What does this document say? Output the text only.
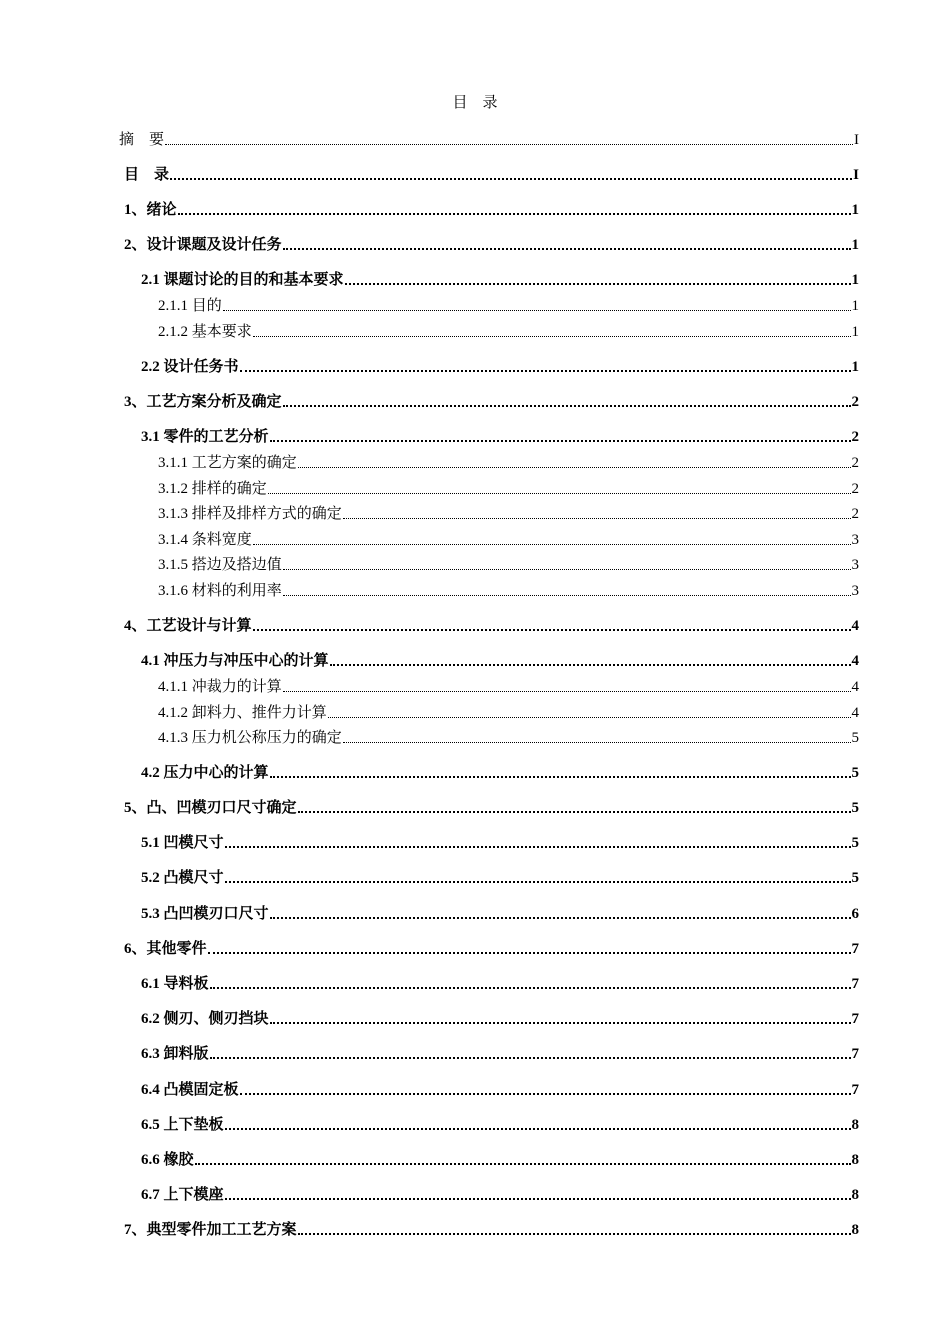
目　录
摘　要	I
目　录	I
1、绪论	1
2、设计课题及设计任务	1
2.1 课题讨论的目的和基本要求	1
2.1.1 目的	1
2.1.2 基本要求	1
2.2 设计任务书	1
3、工艺方案分析及确定	2
3.1 零件的工艺分析	2
3.1.1 工艺方案的确定	2
3.1.2 排样的确定	2
3.1.3 排样及排样方式的确定	2
3.1.4 条料宽度	3
3.1.5 搭边及搭边值	3
3.1.6 材料的利用率	3
4、工艺设计与计算	4
4.1 冲压力与冲压中心的计算	4
4.1.1 冲裁力的计算	4
4.1.2 卸料力、推件力计算	4
4.1.3 压力机公称压力的确定	5
4.2 压力中心的计算	5
5、凸、凹模刃口尺寸确定	5
5.1 凹模尺寸	5
5.2 凸模尺寸	5
5.3 凸凹模刃口尺寸	6
6、其他零件	7
6.1 导料板	7
6.2 侧刃、侧刃挡块	7
6.3 卸料版	7
6.4 凸模固定板	7
6.5 上下垫板	8
6.6 橡胶	8
6.7 上下模座	8
7、典型零件加工工艺方案	8
